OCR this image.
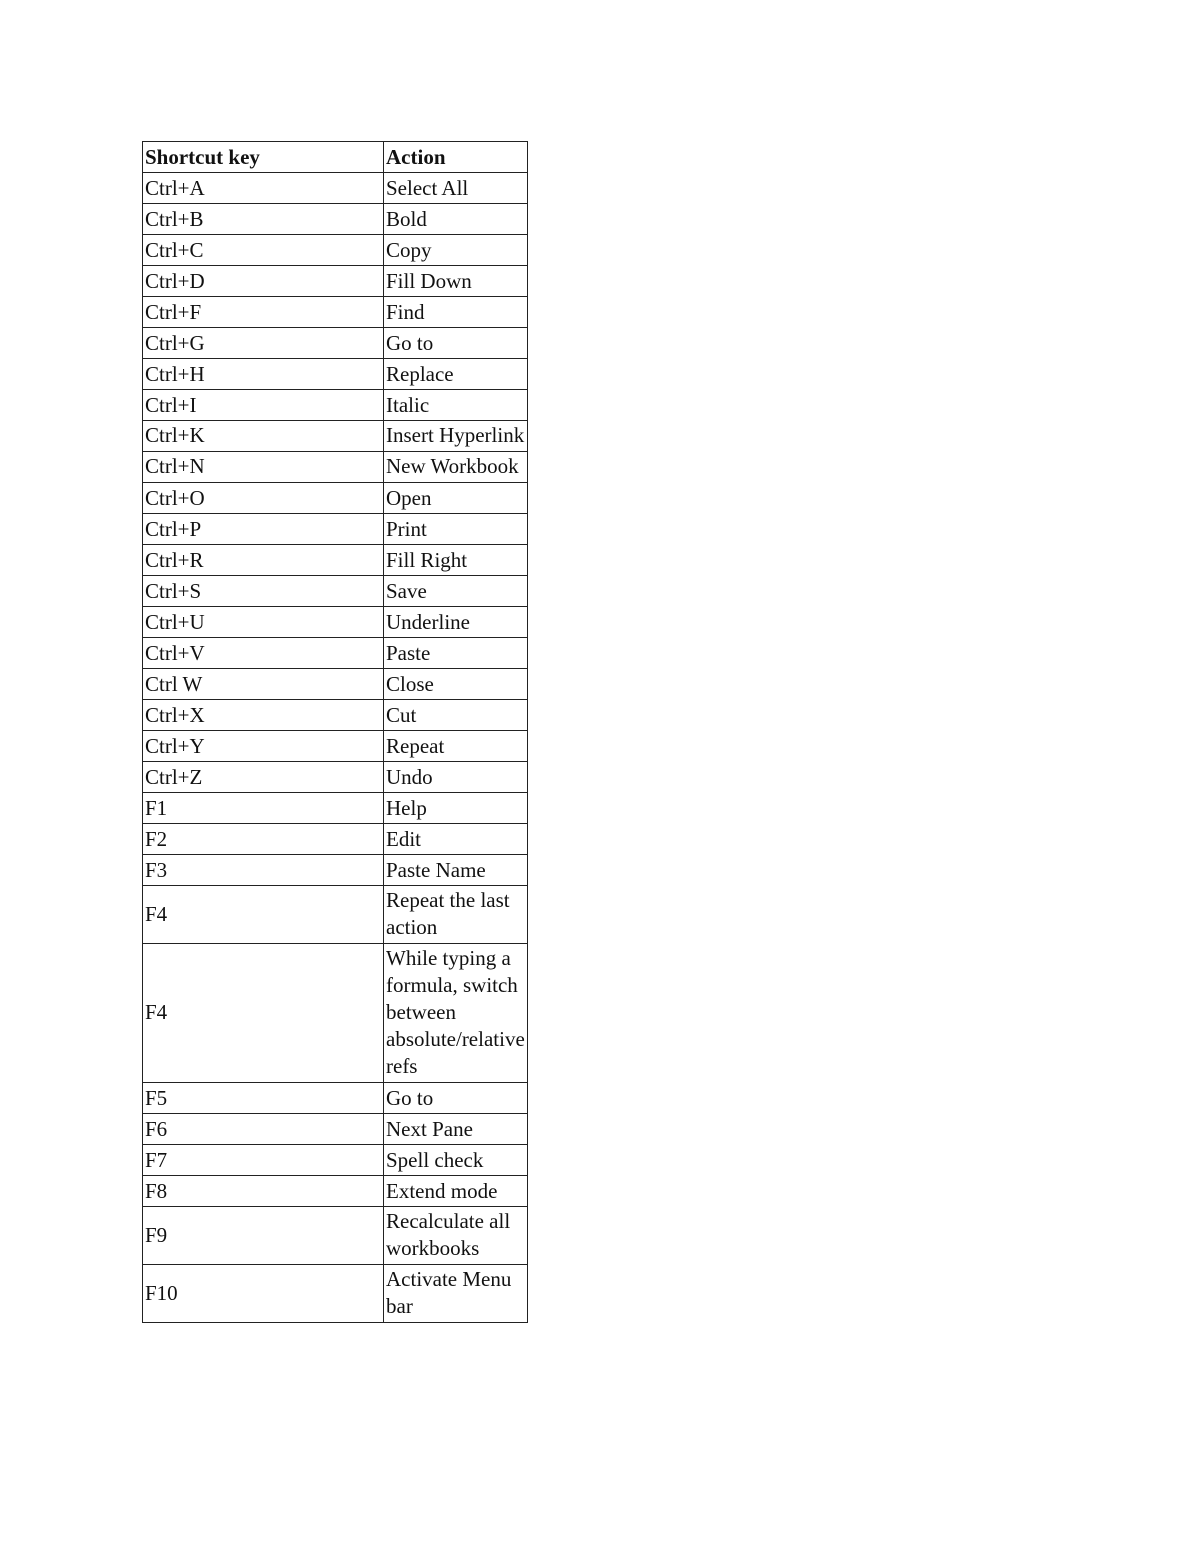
Shortcut key	Action
Ctrl+A	Select All
Ctrl+B	Bold
Ctrl+C	Copy
Ctrl+D	Fill Down
Ctrl+F	Find
Ctrl+G	Go to
Ctrl+H	Replace
Ctrl+I	Italic
Ctrl+K	Insert Hyperlink
Ctrl+N	New Workbook
Ctrl+O	Open
Ctrl+P	Print
Ctrl+R	Fill Right
Ctrl+S	Save
Ctrl+U	Underline
Ctrl+V	Paste
Ctrl W	Close
Ctrl+X	Cut
Ctrl+Y	Repeat
Ctrl+Z	Undo
F1	Help
F2	Edit
F3	Paste Name
F4	Repeat the last action
F4	While typing a formula, switch between absolute/relative refs
F5	Go to
F6	Next Pane
F7	Spell check
F8	Extend mode
F9	Recalculate all workbooks
F10	Activate Menu bar
